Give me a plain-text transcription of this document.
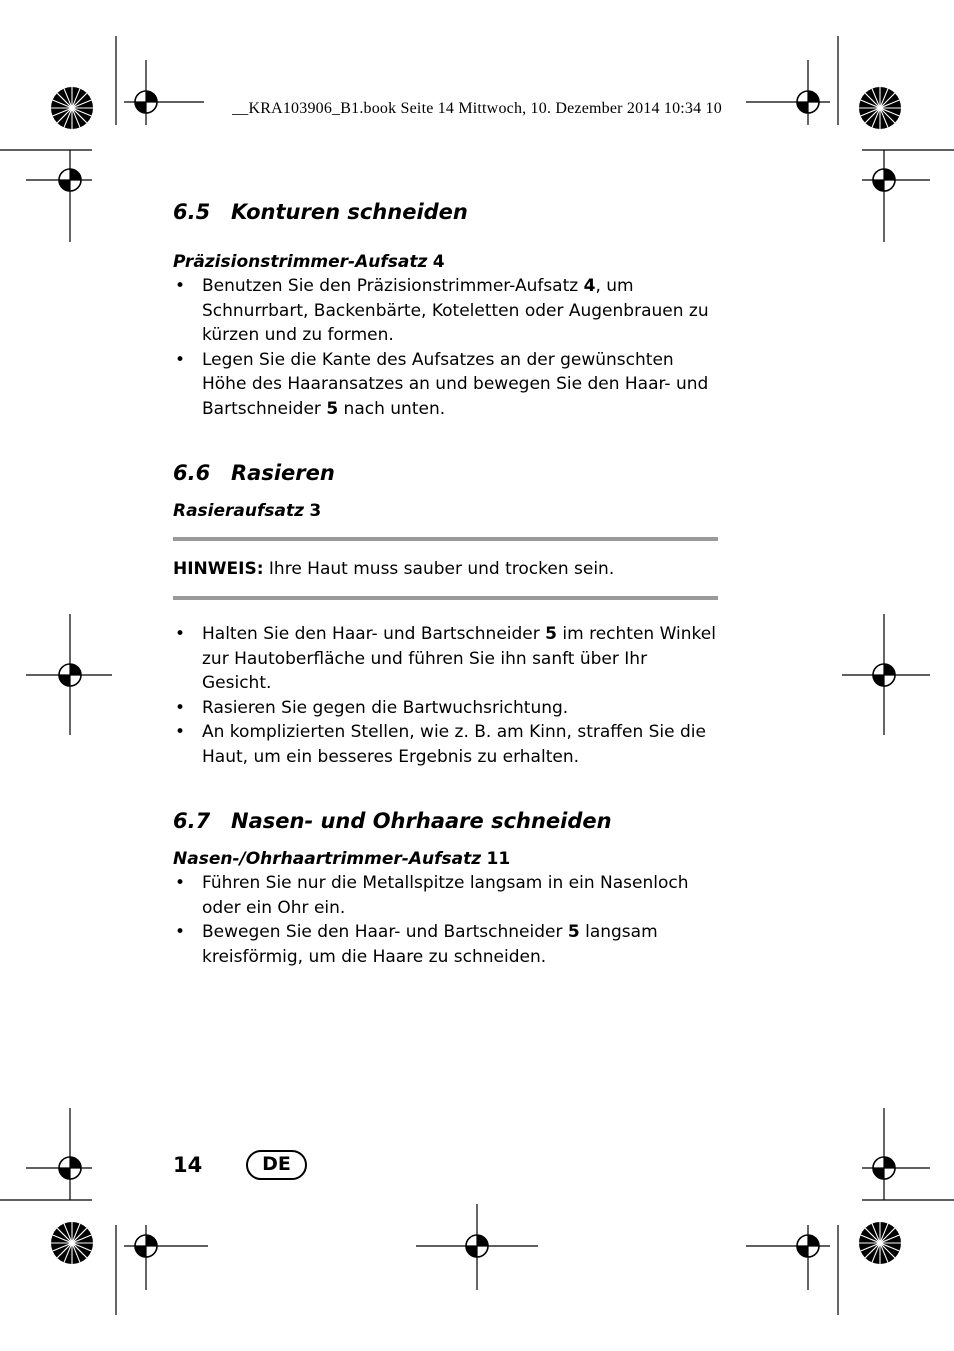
__KRA103906_B1.book Seite 14 Mittwoch, 10. Dezember 2014 10:34 10
6.5 Konturen schneiden
Präzisionstrimmer-Aufsatz 4
• Benutzen Sie den Präzisionstrimmer-Aufsatz 4, um Schnurrbart, Backenbärte, Koteletten oder Augenbrauen zu kürzen und zu formen.
• Legen Sie die Kante des Aufsatzes an der gewünschten Höhe des Haaransatzes an und bewegen Sie den Haar- und Bartschneider 5 nach unten.
6.6 Rasieren
Rasieraufsatz 3
HINWEIS: Ihre Haut muss sauber und trocken sein.
• Halten Sie den Haar- und Bartschneider 5 im rechten Winkel zur Hautoberfläche und führen Sie ihn sanft über Ihr Gesicht.
• Rasieren Sie gegen die Bartwuchsrichtung.
• An komplizierten Stellen, wie z. B. am Kinn, straffen Sie die Haut, um ein besseres Ergebnis zu erhalten.
6.7 Nasen- und Ohrhaare schneiden
Nasen-/Ohrhaartrimmer-Aufsatz 11
• Führen Sie nur die Metallspitze langsam in ein Nasenloch oder ein Ohr ein.
• Bewegen Sie den Haar- und Bartschneider 5 langsam kreisförmig, um die Haare zu schneiden.
14	DE
